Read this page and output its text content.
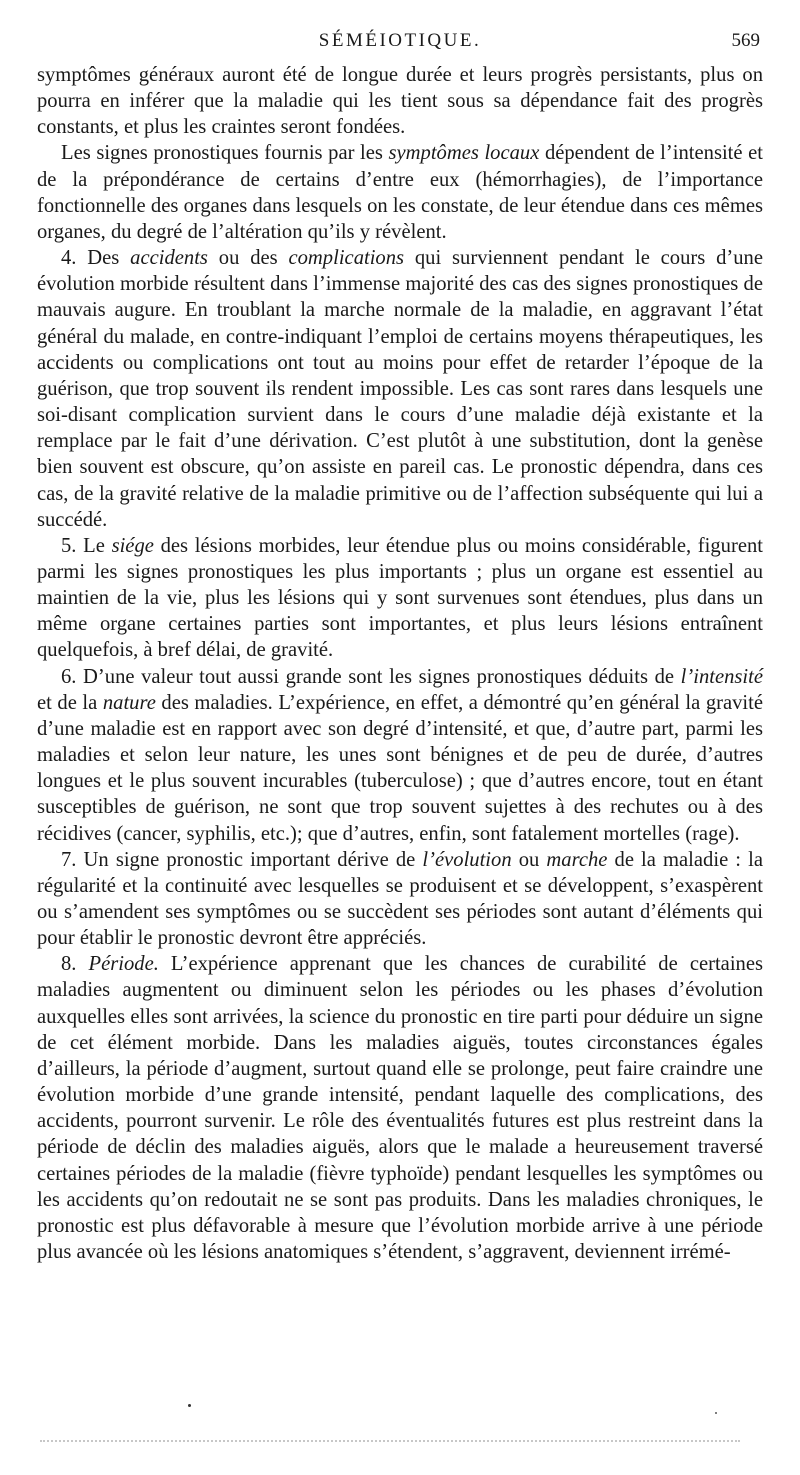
SÉMÉIOTIQUE.	569

symptômes généraux auront été de longue durée et leurs progrès persistants, plus on pourra en inférer que la maladie qui les tient sous sa dépendance fait des progrès constants, et plus les craintes seront fondées.

Les signes pronostiques fournis par les symptômes locaux dépendent de l’intensité et de la prépondérance de certains d’entre eux (hémorrhagies), de l’importance fonctionnelle des organes dans lesquels on les constate, de leur étendue dans ces mêmes organes, du degré de l’altération qu’ils y révèlent.

4. Des accidents ou des complications qui surviennent pendant le cours d’une évolution morbide résultent dans l’immense majorité des cas des signes pronostiques de mauvais augure. En troublant la marche normale de la maladie, en aggravant l’état général du malade, en contre-indiquant l’emploi de certains moyens thérapeutiques, les accidents ou complications ont tout au moins pour effet de retarder l’époque de la guérison, que trop souvent ils rendent impossible. Les cas sont rares dans lesquels une soi-disant complication survient dans le cours d’une maladie déjà existante et la remplace par le fait d’une dérivation. C’est plutôt à une substitution, dont la genèse bien souvent est obscure, qu’on assiste en pareil cas. Le pronostic dépendra, dans ces cas, de la gravité relative de la maladie primitive ou de l’affection subséquente qui lui a succédé.

5. Le siége des lésions morbides, leur étendue plus ou moins considérable, figurent parmi les signes pronostiques les plus importants ; plus un organe est essentiel au maintien de la vie, plus les lésions qui y sont survenues sont étendues, plus dans un même organe certaines parties sont importantes, et plus leurs lésions entraînent quelquefois, à bref délai, de gravité.

6. D’une valeur tout aussi grande sont les signes pronostiques déduits de l’intensité et de la nature des maladies. L’expérience, en effet, a démontré qu’en général la gravité d’une maladie est en rapport avec son degré d’intensité, et que, d’autre part, parmi les maladies et selon leur nature, les unes sont bénignes et de peu de durée, d’autres longues et le plus souvent incurables (tuberculose) ; que d’autres encore, tout en étant susceptibles de guérison, ne sont que trop souvent sujettes à des rechutes ou à des récidives (cancer, syphilis, etc.); que d’autres, enfin, sont fatalement mortelles (rage).

7. Un signe pronostic important dérive de l’évolution ou marche de la maladie : la régularité et la continuité avec lesquelles se produisent et se développent, s’exaspèrent ou s’amendent ses symptômes ou se succèdent ses périodes sont autant d’éléments qui pour établir le pronostic devront être appréciés.

8. Période. L’expérience apprenant que les chances de curabilité de certaines maladies augmentent ou diminuent selon les périodes ou les phases d’évolution auxquelles elles sont arrivées, la science du pronostic en tire parti pour déduire un signe de cet élément morbide. Dans les maladies aiguës, toutes circonstances égales d’ailleurs, la période d’augment, surtout quand elle se prolonge, peut faire craindre une évolution morbide d’une grande intensité, pendant laquelle des complications, des accidents, pourront survenir. Le rôle des éventualités futures est plus restreint dans la période de déclin des maladies aiguës, alors que le malade a heureusement traversé certaines périodes de la maladie (fièvre typhoïde) pendant lesquelles les symptômes ou les accidents qu’on redoutait ne se sont pas produits. Dans les maladies chroniques, le pronostic est plus défavorable à mesure que l’évolution morbide arrive à une période plus avancée où les lésions anatomiques s’étendent, s’aggravent, deviennent irrémé-
